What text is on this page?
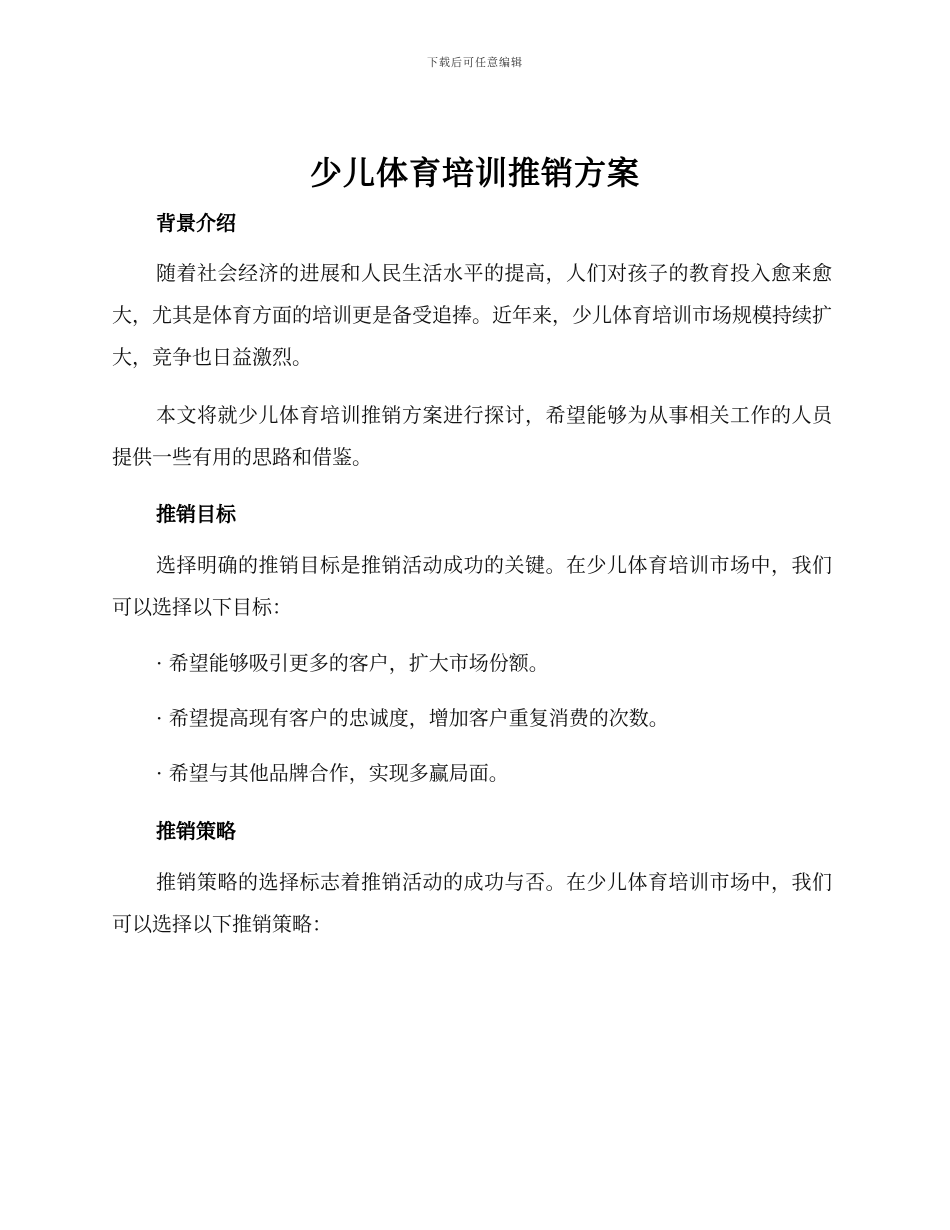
下载后可任意编辑
少儿体育培训推销方案
背景介绍

随着社会经济的进展和人民生活水平的提高，人们对孩子的教育投入愈来愈大，尤其是体育方面的培训更是备受追捧。近年来，少儿体育培训市场规模持续扩大，竞争也日益激烈。

本文将就少儿体育培训推销方案进行探讨，希望能够为从事相关工作的人员提供一些有用的思路和借鉴。

推销目标

选择明确的推销目标是推销活动成功的关键。在少儿体育培训市场中，我们可以选择以下目标：

· 希望能够吸引更多的客户，扩大市场份额。

· 希望提高现有客户的忠诚度，增加客户重复消费的次数。

· 希望与其他品牌合作，实现多赢局面。

推销策略

推销策略的选择标志着推销活动的成功与否。在少儿体育培训市场中，我们可以选择以下推销策略：
